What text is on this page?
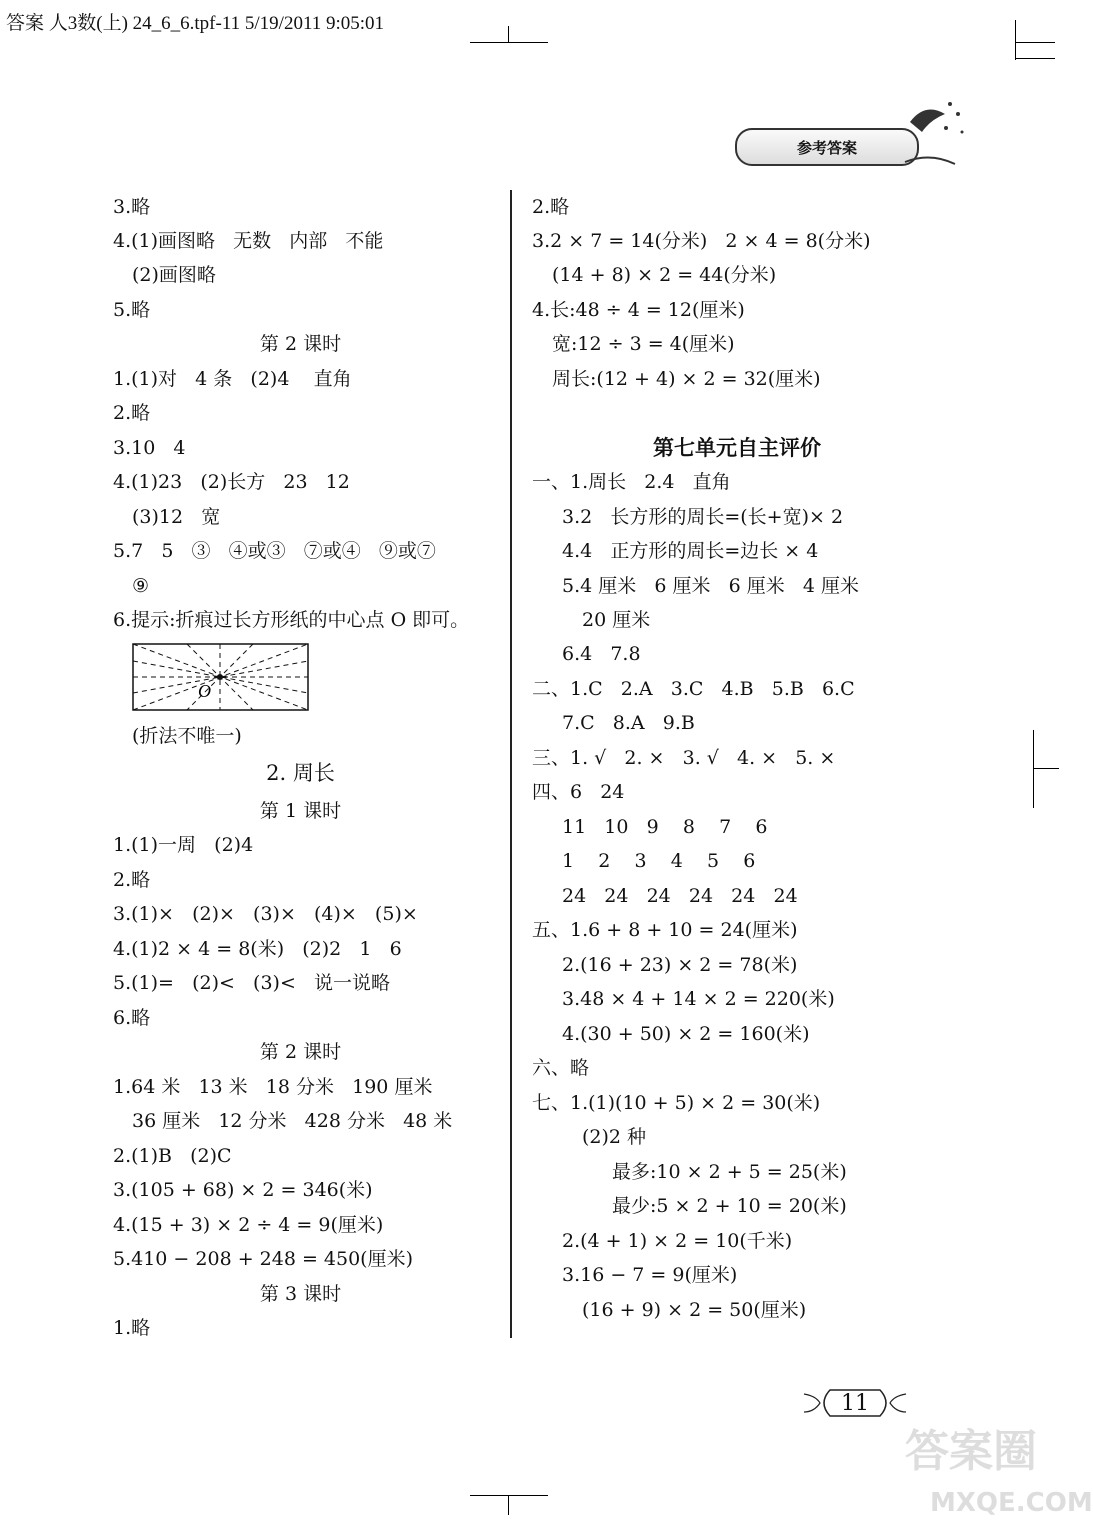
答案 人3数(上) 24_6_6.tpf-11 5/19/2011 9:05:01
参考答案
3.略
4.(1)画图略   无数   内部   不能
(2)画图略
5.略
第 2 课时
1.(1)对   4 条   (2)4    直角
2.略
3.10   4
4.(1)23   (2)长方   23   12
(3)12   宽
5.7   5   ③   ④或③   ⑦或④   ⑨或⑦
⑨
6.提示:折痕过长方形纸的中心点 O 即可。
O
(折法不唯一)
2. 周长
第 1 课时
1.(1)一周   (2)4
2.略
3.(1)×   (2)×   (3)×   (4)×   (5)×
4.(1)2 × 4 = 8(米)   (2)2   1   6
5.(1)=   (2)<   (3)<   说一说略
6.略
第 2 课时
1.64 米   13 米   18 分米   190 厘米
36 厘米   12 分米   428 分米   48 米
2.(1)B   (2)C
3.(105 + 68) × 2 = 346(米)
4.(15 + 3) × 2 ÷ 4 = 9(厘米)
5.410 − 208 + 248 = 450(厘米)
第 3 课时
1.略
2.略
3.2 × 7 = 14(分米)   2 × 4 = 8(分米)
(14 + 8) × 2 = 44(分米)
4.长:48 ÷ 4 = 12(厘米)
宽:12 ÷ 3 = 4(厘米)
周长:(12 + 4) × 2 = 32(厘米)
第七单元自主评价
一、1.周长   2.4   直角
3.2   长方形的周长=(长+宽)× 2
4.4   正方形的周长=边长 × 4
5.4 厘米   6 厘米   6 厘米   4 厘米
20 厘米
6.4   7.8
二、1.C   2.A   3.C   4.B   5.B   6.C
7.C   8.A   9.B
三、1. √   2. ×   3. √   4. ×   5. ×
四、6   24
11   10   9    8    7    6
1    2    3    4    5    6
24   24   24   24   24   24
五、1.6 + 8 + 10 = 24(厘米)
2.(16 + 23) × 2 = 78(米)
3.48 × 4 + 14 × 2 = 220(米)
4.(30 + 50) × 2 = 160(米)
六、略
七、1.(1)(10 + 5) × 2 = 30(米)
(2)2 种
最多:10 × 2 + 5 = 25(米)
最少:5 × 2 + 10 = 20(米)
2.(4 + 1) × 2 = 10(千米)
3.16 − 7 = 9(厘米)
(16 + 9) × 2 = 50(厘米)
11
答案圈
MXQE.COM
